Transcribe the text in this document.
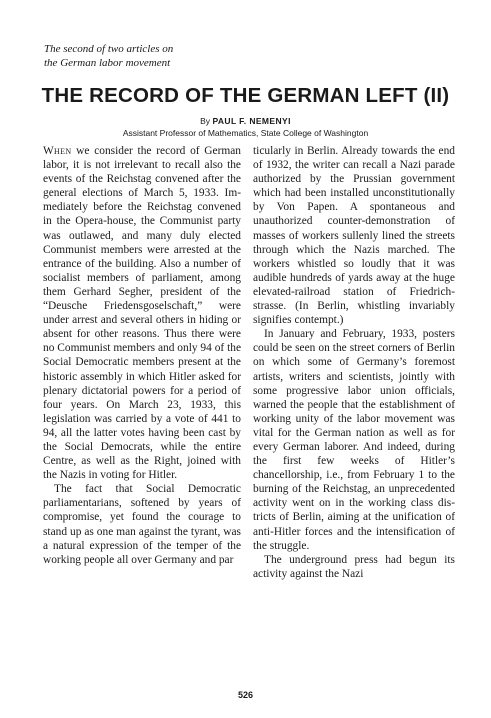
The second of two articles on
the German labor movement
THE RECORD OF THE GERMAN LEFT (II)
By PAUL F. NEMENYI
Assistant Professor of Mathematics, State College of Washington

When we consider the record of German labor, it is not irrelevant to recall also the events of the Reichstag convened after the general elections of March 5, 1933. Immediately before the Reichstag convened in the Opera-house, the Communist party was outlawed, and many duly elected Communist members were arrested at the entrance of the building. Also a number of socialist members of parliament, among them Gerhard Segher, president of the “Deusche Friedensgoselschaft,” were under arrest and several others in hiding or absent for other reasons. Thus there were no Communist members and only 94 of the Social Democratic members present at the historic assembly in which Hitler asked for plenary dictatorial powers for a period of four years. On March 23, 1933, this legislation was carried by a vote of 441 to 94, all the latter votes having been cast by the Social Democrats, while the entire Centre, as well as the Right, joined with the Nazis in voting for Hitler.

The fact that Social Democratic parliamentarians, softened by years of compromise, yet found the courage to stand up as one man against the tyrant, was a natural expression of the temper of the working people all over Germany and par

ticularly in Berlin. Already towards the end of 1932, the writer can recall a Nazi parade authorized by the Prussian government which had been installed unconstitutionally by Von Papen. A spontaneous and unauthorized counter-demonstration of masses of workers sullenly lined the streets through which the Nazis marched. The workers whistled so loudly that it was audible hundreds of yards away at the huge elevated-railroad station of Friedrich-strasse. (In Berlin, whistling invariably signifies contempt.)

In January and February, 1933, posters could be seen on the street corners of Berlin on which some of Germany’s foremost artists, writers and scientists, jointly with some progressive labor union officials, warned the people that the establishment of working unity of the labor movement was vital for the German nation as well as for every German laborer. And indeed, during the first few weeks of Hitler’s chancellorship, i.e., from February 1 to the burning of the Reichstag, an unprecedented activity went on in the working class districts of Berlin, aiming at the unification of anti-Hitler forces and the intensification of the struggle.

The underground press had begun its activity against the Nazi

526
